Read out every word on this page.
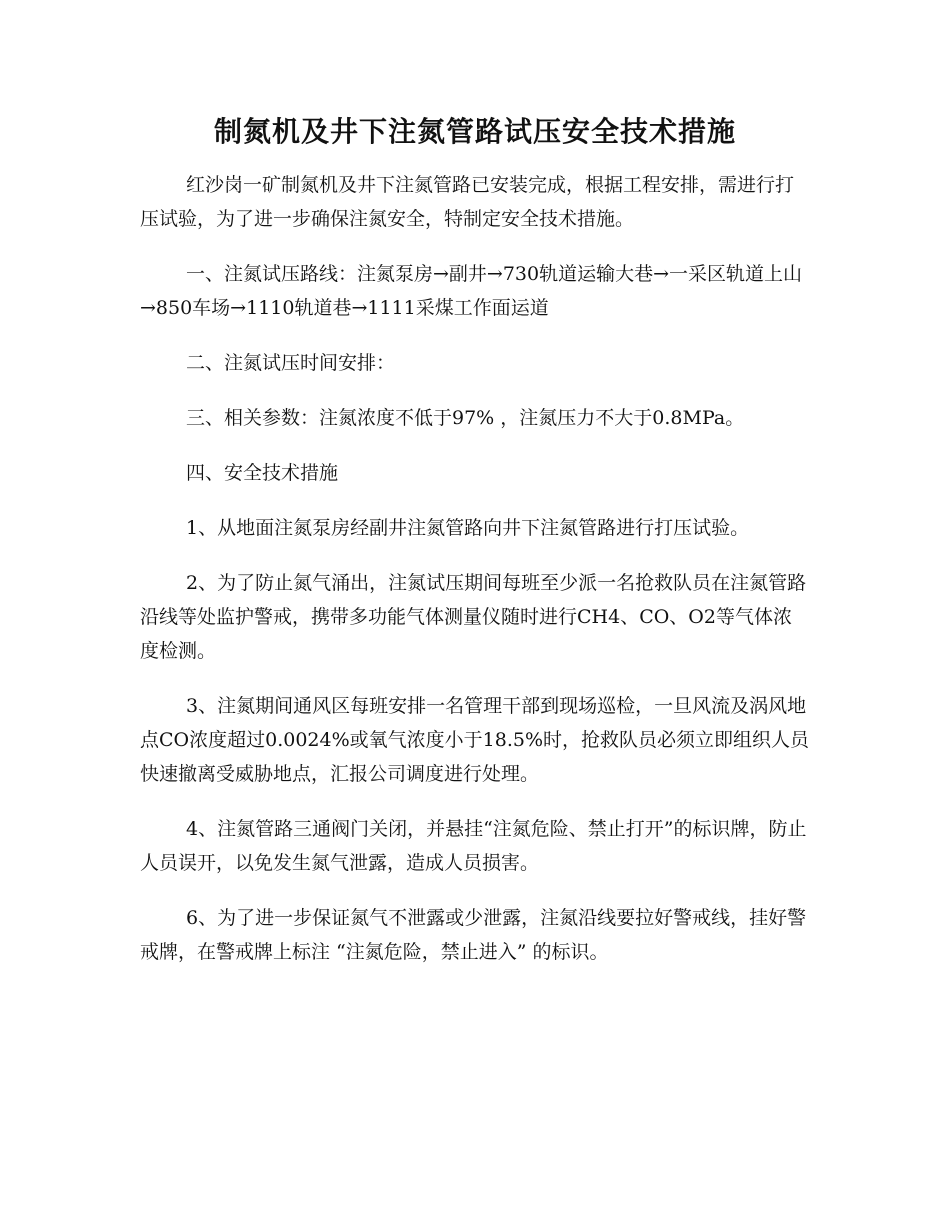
制氮机及井下注氮管路试压安全技术措施

红沙岗一矿制氮机及井下注氮管路已安装完成，根据工程安排，需进行打压试验，为了进一步确保注氮安全，特制定安全技术措施。

一、注氮试压路线：注氮泵房→副井→730轨道运输大巷→一采区轨道上山→850车场→1110轨道巷→1111采煤工作面运道

二、注氮试压时间安排：

三、相关参数：注氮浓度不低于97% ，注氮压力不大于0.8MPa。

四、安全技术措施

1、从地面注氮泵房经副井注氮管路向井下注氮管路进行打压试验。

2、为了防止氮气涌出，注氮试压期间每班至少派一名抢救队员在注氮管路沿线等处监护警戒，携带多功能气体测量仪随时进行CH4、CO、O2等气体浓度检测。

3、注氮期间通风区每班安排一名管理干部到现场巡检，一旦风流及涡风地点CO浓度超过0.0024%或氧气浓度小于18.5%时，抢救队员必须立即组织人员快速撤离受威胁地点，汇报公司调度进行处理。

4、注氮管路三通阀门关闭，并悬挂“注氮危险、禁止打开”的标识牌，防止人员误开，以免发生氮气泄露，造成人员损害。

6、为了进一步保证氮气不泄露或少泄露，注氮沿线要拉好警戒线，挂好警戒牌，在警戒牌上标注 “注氮危险，禁止进入” 的标识。
